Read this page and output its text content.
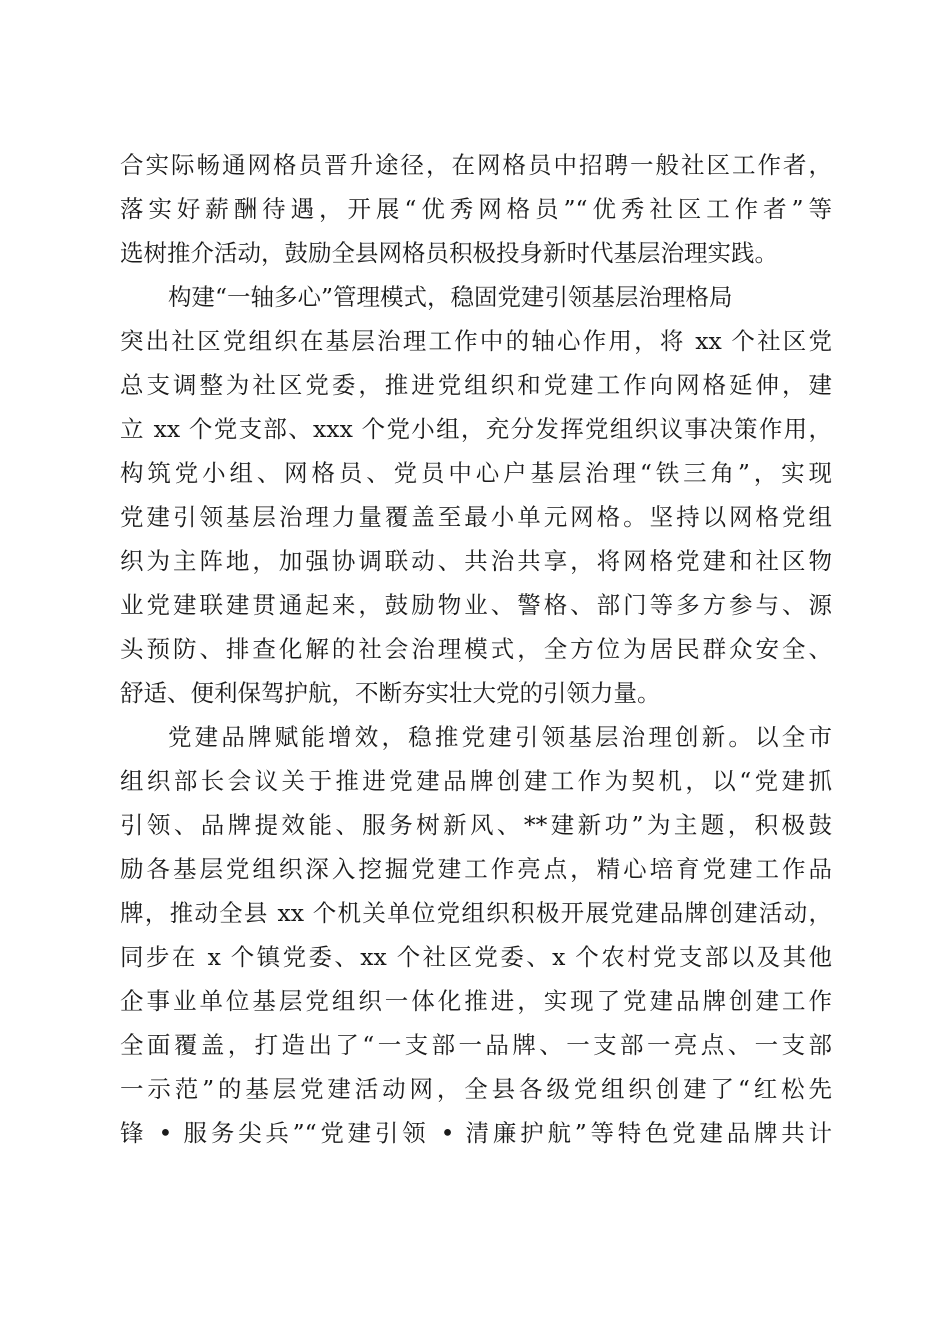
合实际畅通网格员晋升途径，在网格员中招聘一般社区工作者，
落实好薪酬待遇，开展“优秀网格员”“优秀社区工作者”等
选树推介活动，鼓励全县网格员积极投身新时代基层治理实践。
构建“一轴多心”管理模式，稳固党建引领基层治理格局
突出社区党组织在基层治理工作中的轴心作用，将 xx 个社区党
总支调整为社区党委，推进党组织和党建工作向网格延伸，建
立 xx 个党支部、xxx 个党小组，充分发挥党组织议事决策作用，
构筑党小组、网格员、党员中心户基层治理“铁三角”，实现
党建引领基层治理力量覆盖至最小单元网格。坚持以网格党组
织为主阵地，加强协调联动、共治共享，将网格党建和社区物
业党建联建贯通起来，鼓励物业、警格、部门等多方参与、源
头预防、排查化解的社会治理模式，全方位为居民群众安全、
舒适、便利保驾护航，不断夯实壮大党的引领力量。
党建品牌赋能增效，稳推党建引领基层治理创新。以全市
组织部长会议关于推进党建品牌创建工作为契机，以“党建抓
引领、品牌提效能、服务树新风、**建新功”为主题，积极鼓
励各基层党组织深入挖掘党建工作亮点，精心培育党建工作品
牌，推动全县 xx 个机关单位党组织积极开展党建品牌创建活动，
同步在 x 个镇党委、xx 个社区党委、x 个农村党支部以及其他
企事业单位基层党组织一体化推进，实现了党建品牌创建工作
全面覆盖，打造出了“一支部一品牌、一支部一亮点、一支部
一示范”的基层党建活动网，全县各级党组织创建了“红松先
锋 • 服务尖兵”“党建引领 • 清廉护航”等特色党建品牌共计
